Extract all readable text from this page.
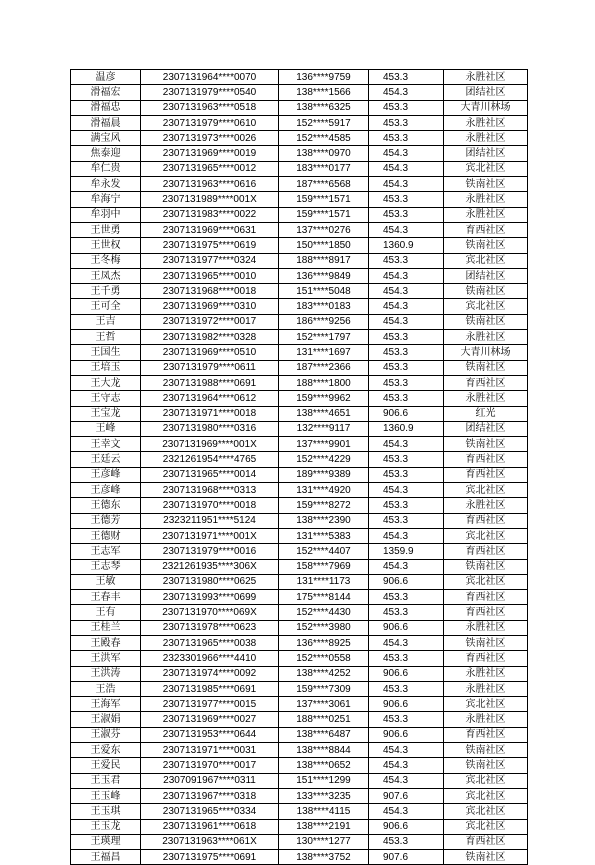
温彦	2307131964****0070	136****9759	453.3	永胜社区
滑福宏	2307131979****0540	138****1566	454.3	团结社区
滑福忠	2307131963****0518	138****6325	453.3	大青川林场
滑福晨	2307131979****0610	152****5917	453.3	永胜社区
满宝风	2307131973****0026	152****4585	453.3	永胜社区
焦泰迎	2307131969****0019	138****0970	454.3	团结社区
牟仁贵	2307131965****0012	183****0177	454.3	宾北社区
牟永发	2307131963****0616	187****6568	454.3	铁南社区
牟海宁	2307131989****001X	159****1571	453.3	永胜社区
牟羽中	2307131983****0022	159****1571	453.3	永胜社区
王世勇	2307131969****0631	137****0276	454.3	育西社区
王世权	2307131975****0619	150****1850	1360.9	铁南社区
王冬梅	2307131977****0324	188****8917	453.3	宾北社区
王凤杰	2307131965****0010	136****9849	454.3	团结社区
王千勇	2307131968****0018	151****5048	454.3	铁南社区
王可全	2307131969****0310	183****0183	454.3	宾北社区
王吉	2307131972****0017	186****9256	454.3	铁南社区
王哲	2307131982****0328	152****1797	453.3	永胜社区
王国生	2307131969****0510	131****1697	453.3	大青川林场
王培玉	2307131979****0611	187****2366	453.3	铁南社区
王大龙	2307131988****0691	188****1800	453.3	育西社区
王守志	2307131964****0612	159****9962	453.3	永胜社区
王宝龙	2307131971****0018	138****4651	906.6	红光
王峰	2307131980****0316	132****9117	1360.9	团结社区
王幸文	2307131969****001X	137****9901	454.3	铁南社区
王廷云	2321261954****4765	152****4229	453.3	育西社区
王彦峰	2307131965****0014	189****9389	453.3	育西社区
王彦峰	2307131968****0313	131****4920	454.3	宾北社区
王德东	2307131970****0018	159****8272	453.3	永胜社区
王德芳	2323211951****5124	138****2390	453.3	育西社区
王德财	2307131971****001X	131****5383	454.3	宾北社区
王志军	2307131979****0016	152****4407	1359.9	育西社区
王志琴	2321261935****306X	158****7969	454.3	铁南社区
王敏	2307131980****0625	131****1173	906.6	宾北社区
王春丰	2307131993****0699	175****8144	453.3	育西社区
王有	2307131970****069X	152****4430	453.3	育西社区
王桂兰	2307131978****0623	152****3980	906.6	永胜社区
王殿春	2307131965****0038	136****8925	454.3	铁南社区
王洪军	2323301966****4410	152****0558	453.3	育西社区
王洪涛	2307131974****0092	138****4252	906.6	永胜社区
王浩	2307131985****0691	159****7309	453.3	永胜社区
王海军	2307131977****0015	137****3061	906.6	宾北社区
王淑娟	2307131969****0027	188****0251	453.3	永胜社区
王淑芬	2307131953****0644	138****6487	906.6	育西社区
王爱东	2307131971****0031	138****8844	454.3	铁南社区
王爱民	2307131970****0017	138****0652	454.3	铁南社区
王玉君	2307091967****0311	151****1299	454.3	宾北社区
王玉峰	2307131967****0318	133****3235	907.6	宾北社区
王玉琪	2307131965****0334	138****4115	454.3	宾北社区
王玉龙	2307131961****0618	138****2191	906.6	宾北社区
王瑛理	2307131963****061X	130****1277	453.3	育西社区
王福昌	2307131975****0691	138****3752	907.6	铁南社区
